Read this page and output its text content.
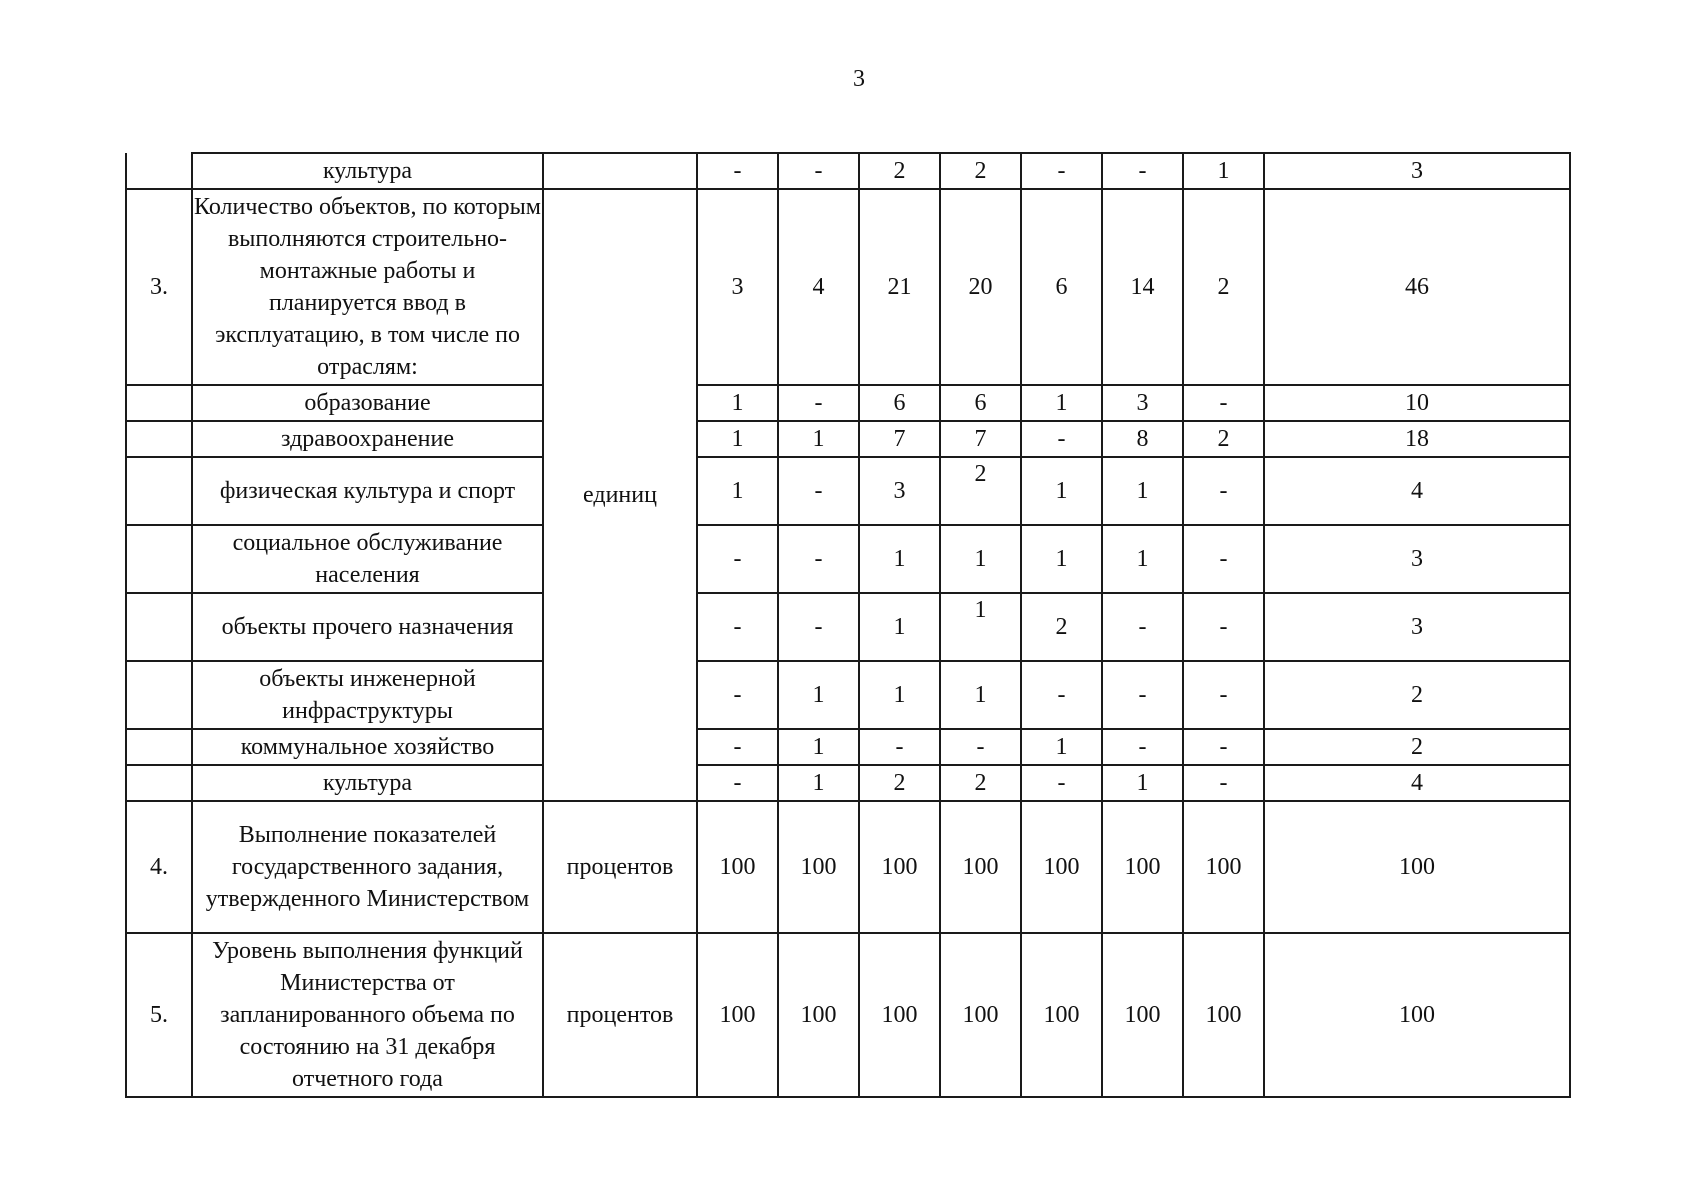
3
	культура		-	-	2	2	-	-	1	3
3.	Количество объектов, по которым выполняются строительно-монтажные работы и планируется ввод в эксплуатацию, в том числе по отраслям:	единиц	3	4	21	20	6	14	2	46
	образование		1	-	6	6	1	3	-	10
	здравоохранение		1	1	7	7	-	8	2	18
	физическая культура и спорт		1	-	3	2	1	1	-	4
	социальное обслуживание населения		-	-	1	1	1	1	-	3
	объекты прочего назначения		-	-	1	1	2	-	-	3
	объекты инженерной инфраструктуры		-	1	1	1	-	-	-	2
	коммунальное хозяйство		-	1	-	-	1	-	-	2
	культура		-	1	2	2	-	1	-	4
4.	Выполнение показателей государственного задания, утвержденного Министерством	процентов	100	100	100	100	100	100	100	100
5.	Уровень выполнения функций Министерства от запланированного объема по состоянию на 31 декабря отчетного года	процентов	100	100	100	100	100	100	100	100
